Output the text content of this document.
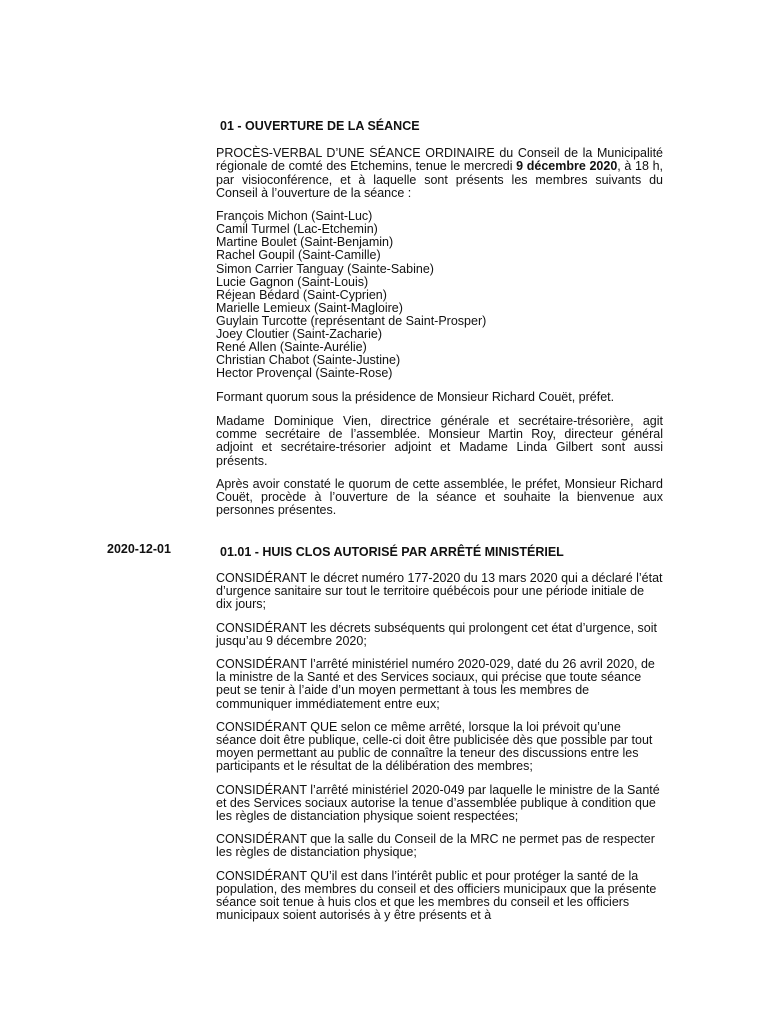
01 - OUVERTURE DE LA SÉANCE

PROCÈS-VERBAL D’UNE SÉANCE ORDINAIRE du Conseil de la Municipalité régionale de comté des Etchemins, tenue le mercredi 9 décembre 2020, à 18 h, par visioconférence, et à laquelle sont présents les membres suivants du Conseil à l’ouverture de la séance :

François Michon (Saint-Luc)
Camil Turmel (Lac-Etchemin)
Martine Boulet (Saint-Benjamin)
Rachel Goupil (Saint-Camille)
Simon Carrier Tanguay (Sainte-Sabine)
Lucie Gagnon (Saint-Louis)
Réjean Bédard (Saint-Cyprien)
Marielle Lemieux (Saint-Magloire)
Guylain Turcotte (représentant de Saint-Prosper)
Joey Cloutier (Saint-Zacharie)
René Allen (Sainte-Aurélie)
Christian Chabot (Sainte-Justine)
Hector Provençal (Sainte-Rose)

Formant quorum sous la présidence de Monsieur Richard Couët, préfet.

Madame Dominique Vien, directrice générale et secrétaire-trésorière, agit comme secrétaire de l’assemblée. Monsieur Martin Roy, directeur général adjoint et secrétaire-trésorier adjoint et Madame Linda Gilbert sont aussi présents.

Après avoir constaté le quorum de cette assemblée, le préfet, Monsieur Richard Couët, procède à l’ouverture de la séance et souhaite la bienvenue aux personnes présentes.

2020-12-01	01.01 - HUIS CLOS AUTORISÉ PAR ARRÊTÉ MINISTÉRIEL

CONSIDÉRANT le décret numéro 177-2020 du 13 mars 2020 qui a déclaré l’état d’urgence sanitaire sur tout le territoire québécois pour une période initiale de dix jours;

CONSIDÉRANT les décrets subséquents qui prolongent cet état d’urgence, soit jusqu’au 9 décembre 2020;

CONSIDÉRANT l’arrêté ministériel numéro 2020-029, daté du 26 avril 2020, de la ministre de la Santé et des Services sociaux, qui précise que toute séance peut se tenir à l’aide d’un moyen permettant à tous les membres de communiquer immédiatement entre eux;

CONSIDÉRANT QUE selon ce même arrêté, lorsque la loi prévoit qu’une séance doit être publique, celle-ci doit être publicisée dès que possible par tout moyen permettant au public de connaître la teneur des discussions entre les participants et le résultat de la délibération des membres;

CONSIDÉRANT l’arrêté ministériel 2020-049 par laquelle le ministre de la Santé et des Services sociaux autorise la tenue d’assemblée publique à condition que les règles de distanciation physique soient respectées;

CONSIDÉRANT que la salle du Conseil de la MRC ne permet pas de respecter les règles de distanciation physique;

CONSIDÉRANT QU’il est dans l’intérêt public et pour protéger la santé de la population, des membres du conseil et des officiers municipaux que la présente séance soit tenue à huis clos et que les membres du conseil et les officiers municipaux soient autorisés à y être présents et à
